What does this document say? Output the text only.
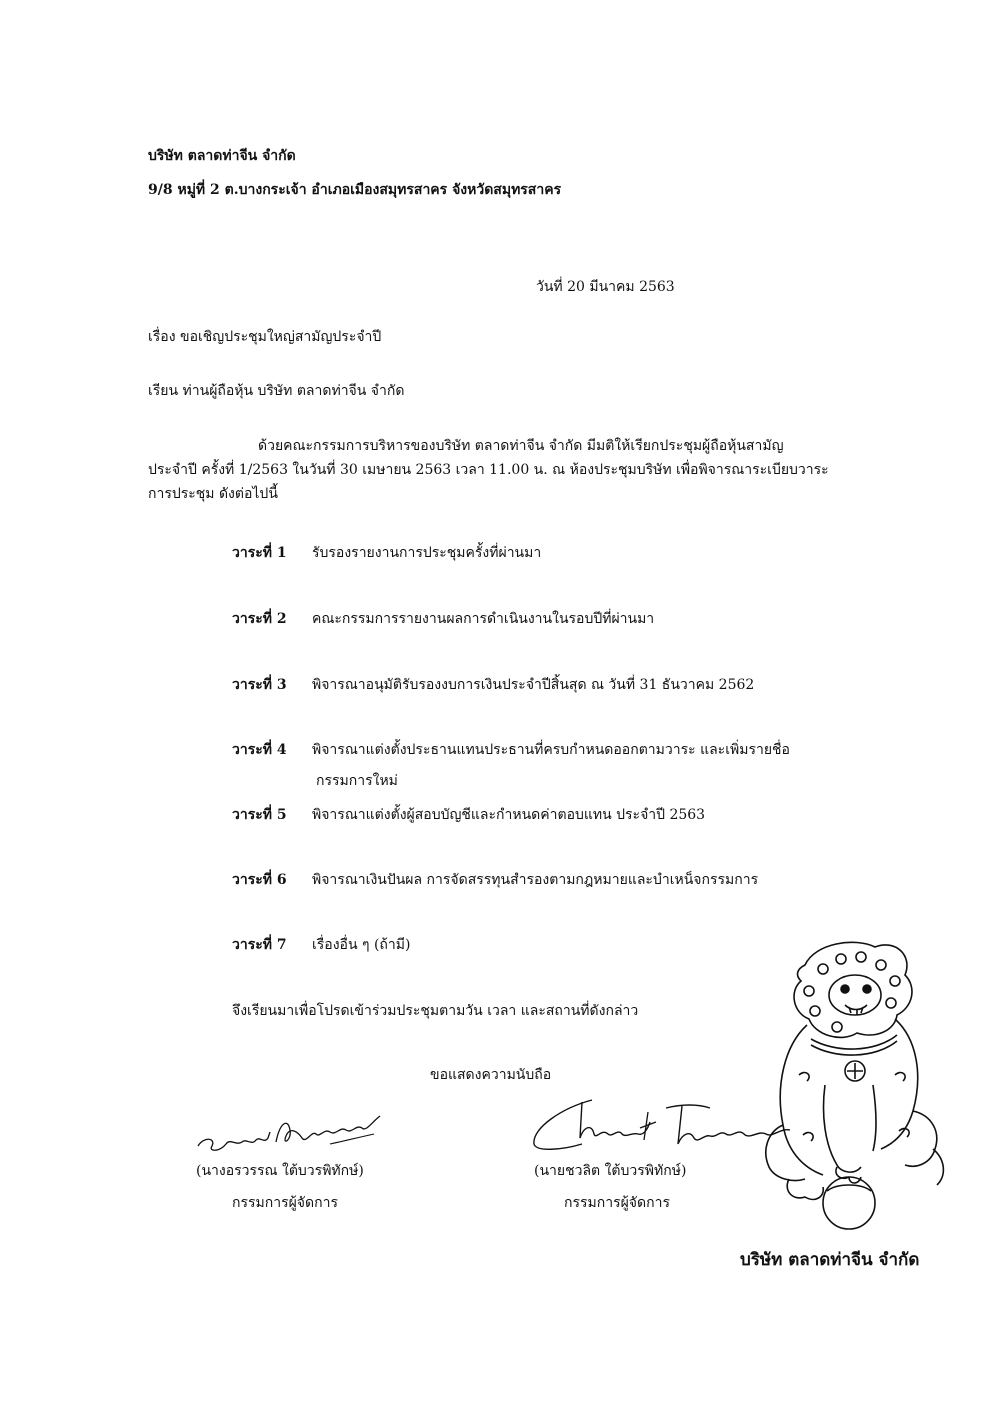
บริษัท ตลาดท่าจีน จำกัด
9/8 หมู่ที่ 2 ต.บางกระเจ้า อำเภอเมืองสมุทรสาคร จังหวัดสมุทรสาคร
วันที่ 20 มีนาคม 2563
เรื่อง ขอเชิญประชุมใหญ่สามัญประจำปี
เรียน ท่านผู้ถือหุ้น บริษัท ตลาดท่าจีน จำกัด
ด้วยคณะกรรมการบริหารของบริษัท ตลาดท่าจีน จำกัด มีมติให้เรียกประชุมผู้ถือหุ้นสามัญ
ประจำปี ครั้งที่ 1/2563 ในวันที่ 30 เมษายน 2563 เวลา 11.00 น. ณ ห้องประชุมบริษัท เพื่อพิจารณาระเบียบวาระ
การประชุม ดังต่อไปนี้
วาระที่ 1 รับรองรายงานการประชุมครั้งที่ผ่านมา
วาระที่ 2 คณะกรรมการรายงานผลการดำเนินงานในรอบปีที่ผ่านมา
วาระที่ 3 พิจารณาอนุมัติรับรองงบการเงินประจำปีสิ้นสุด ณ วันที่ 31 ธันวาคม 2562
วาระที่ 4 พิจารณาแต่งตั้งประธานแทนประธานที่ครบกำหนดออกตามวาระ และเพิ่มรายชื่อ
กรรมการใหม่
วาระที่ 5 พิจารณาแต่งตั้งผู้สอบบัญชีและกำหนดค่าตอบแทน ประจำปี 2563
วาระที่ 6 พิจารณาเงินปันผล การจัดสรรทุนสำรองตามกฎหมายและบำเหน็จกรรมการ
วาระที่ 7 เรื่องอื่น ๆ (ถ้ามี)
จึงเรียนมาเพื่อโปรดเข้าร่วมประชุมตามวัน เวลา และสถานที่ดังกล่าว
ขอแสดงความนับถือ
(นางอรวรรณ ใต้บวรพิทักษ์)
กรรมการผู้จัดการ
(นายชวลิต ใต้บวรพิทักษ์)
กรรมการผู้จัดการ
บริษัท ตลาดท่าจีน จำกัด
